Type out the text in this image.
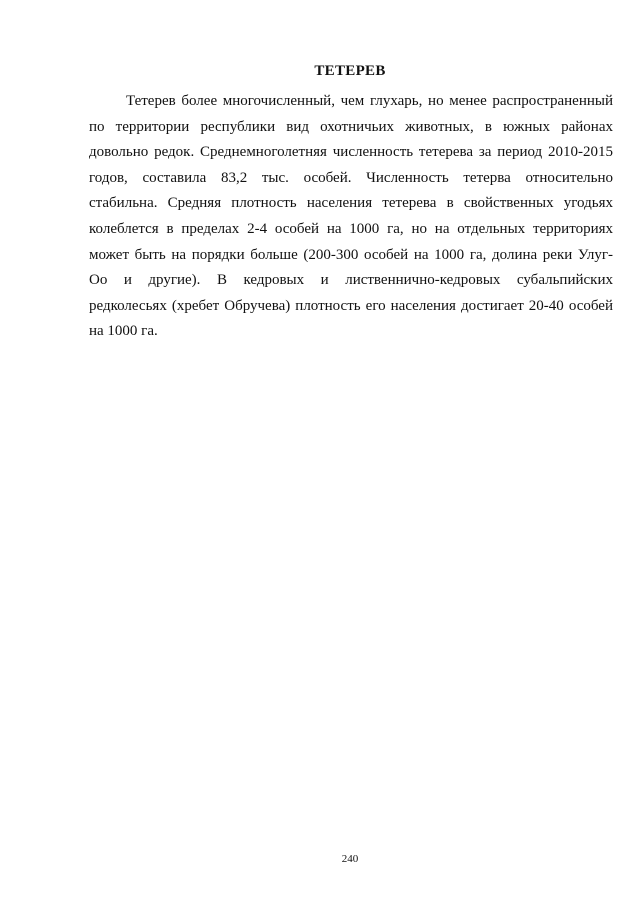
ТЕТЕРЕВ

Тетерев более многочисленный, чем глухарь, но менее распространенный
по территории республики вид охотничьих животных, в южных районах
довольно редок. Среднемноголетняя численность тетерева за период 2010-2015
годов, составила 83,2 тыс. особей. Численность тетерва относительно
стабильна. Средняя плотность населения тетерева в свойственных угодьях
колеблется в пределах 2-4 особей на 1000 га, но на отдельных территориях
может быть на порядки больше (200-300 особей на 1000 га, долина реки Улуг-
Оо и другие). В кедровых и лиственнично-кедровых субальпийских
редколесьях (хребет Обручева) плотность его населения достигает 20-40 особей
на 1000 га.

240
